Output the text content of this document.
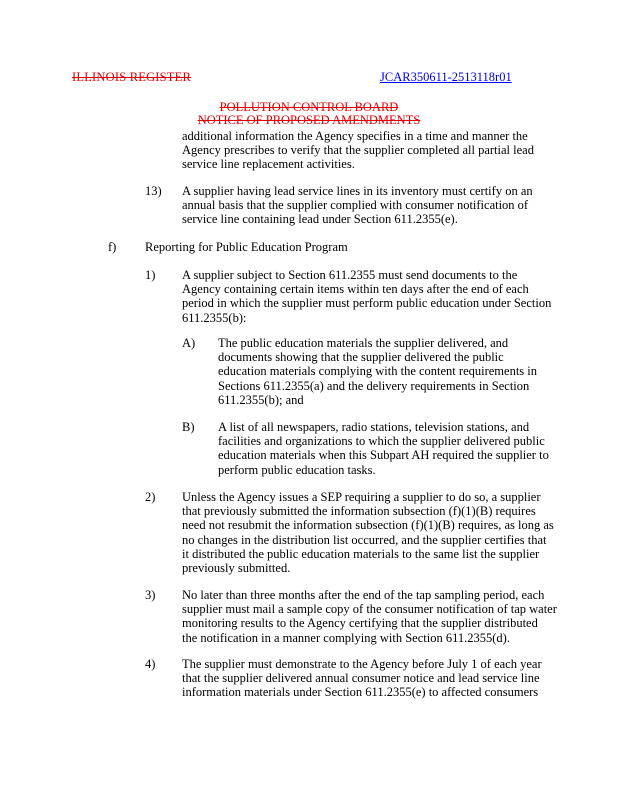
ILLINOIS REGISTER	JCAR350611-2513118r01
POLLUTION CONTROL BOARD
NOTICE OF PROPOSED AMENDMENTS
additional information the Agency specifies in a time and manner the
Agency prescribes to verify that the supplier completed all partial lead
service line replacement activities.
13) A supplier having lead service lines in its inventory must certify on an
annual basis that the supplier complied with consumer notification of
service line containing lead under Section 611.2355(e).
f) Reporting for Public Education Program
1) A supplier subject to Section 611.2355 must send documents to the
Agency containing certain items within ten days after the end of each
period in which the supplier must perform public education under Section
611.2355(b):
A) The public education materials the supplier delivered, and
documents showing that the supplier delivered the public
education materials complying with the content requirements in
Sections 611.2355(a) and the delivery requirements in Section
611.2355(b); and
B) A list of all newspapers, radio stations, television stations, and
facilities and organizations to which the supplier delivered public
education materials when this Subpart AH required the supplier to
perform public education tasks.
2) Unless the Agency issues a SEP requiring a supplier to do so, a supplier
that previously submitted the information subsection (f)(1)(B) requires
need not resubmit the information subsection (f)(1)(B) requires, as long as
no changes in the distribution list occurred, and the supplier certifies that
it distributed the public education materials to the same list the supplier
previously submitted.
3) No later than three months after the end of the tap sampling period, each
supplier must mail a sample copy of the consumer notification of tap water
monitoring results to the Agency certifying that the supplier distributed
the notification in a manner complying with Section 611.2355(d).
4) The supplier must demonstrate to the Agency before July 1 of each year
that the supplier delivered annual consumer notice and lead service line
information materials under Section 611.2355(e) to affected consumers
